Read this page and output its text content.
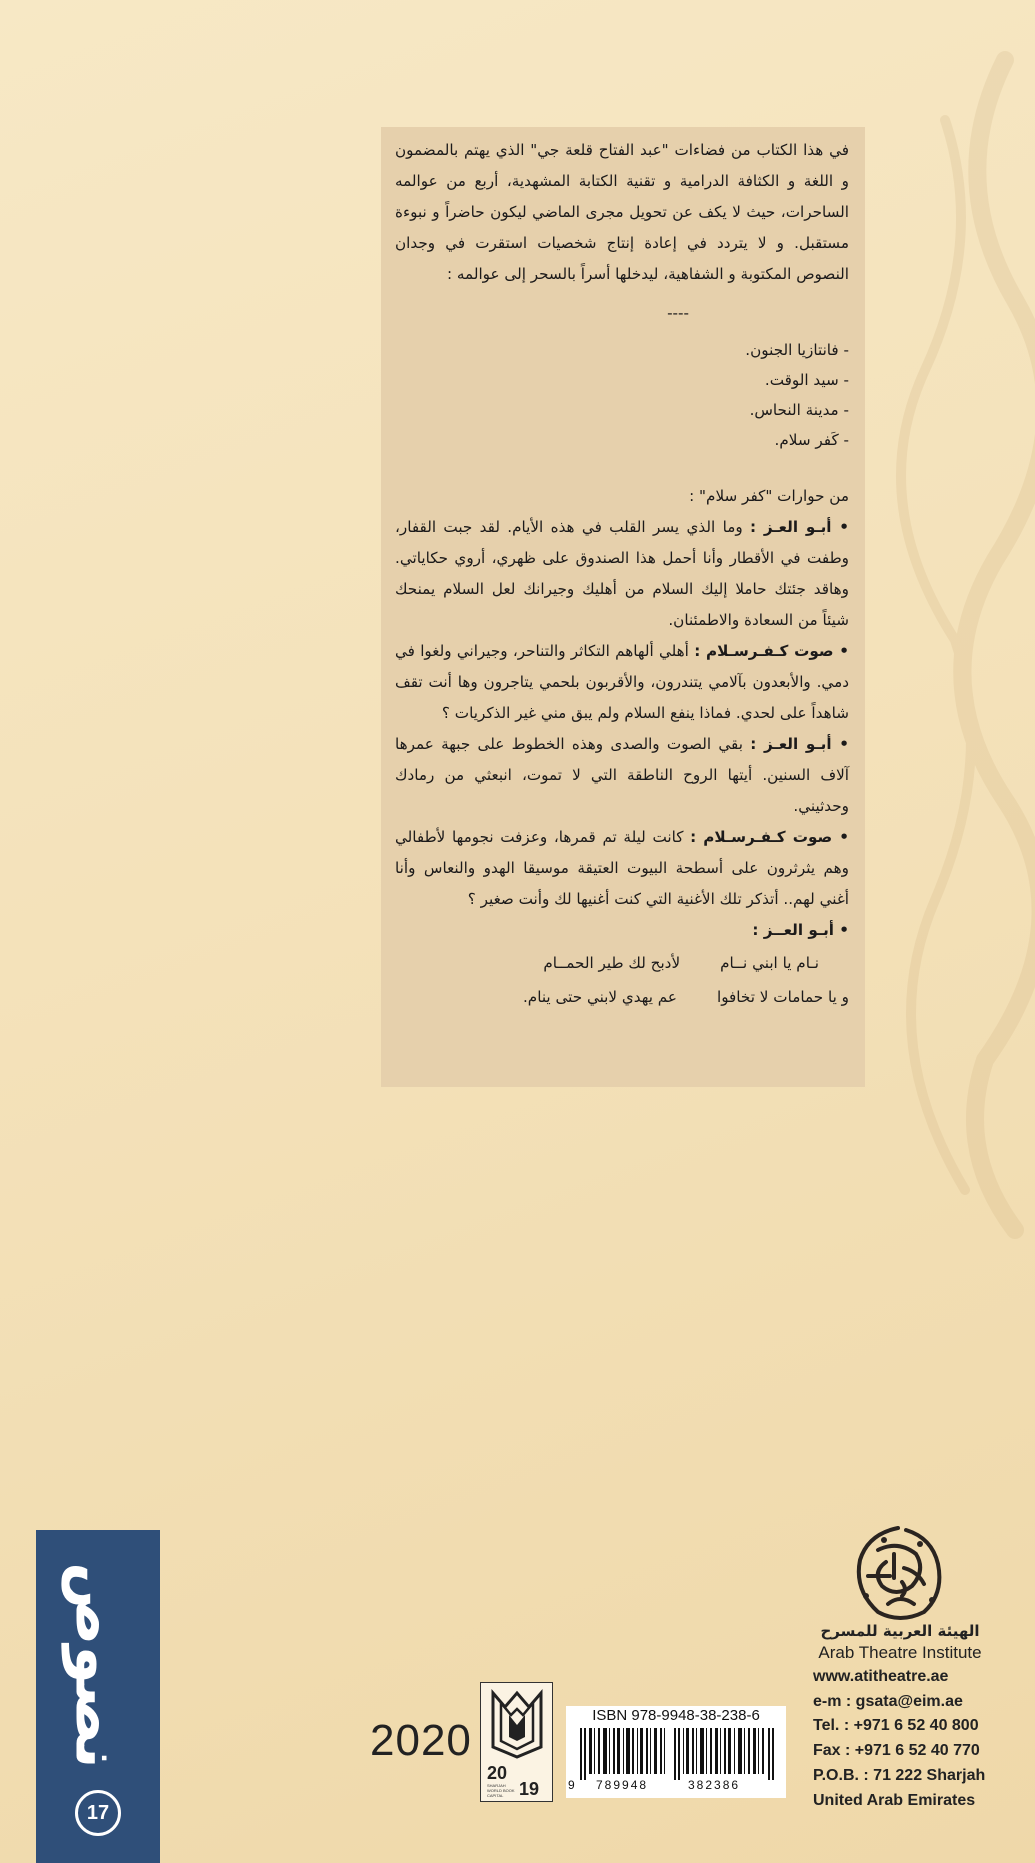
في هذا الكتاب من فضاءات "عبد الفتاح قلعة جي" الذي يهتم بالمضمون و اللغة و الكثافة الدرامية و تقنية الكتابة المشهدية، أربع من عوالمه الساحرات، حيث لا يكف عن تحويل مجرى الماضي ليكون حاضراً و نبوءة مستقبل. و لا يتردد في إعادة إنتاج شخصيات استقرت في وجدان النصوص المكتوبة و الشفاهية، ليدخلها أسراً بالسحر إلى عوالمه :

----

- فانتازيا الجنون.

- سيد الوقت.

- مدينة النحاس.

- كَفر سلام.

من حوارات "كفر سلام" :

• أبـو العـز : وما الذي يسر القلب في هذه الأيام. لقد جبت القفار، وطفت في الأقطار وأنا أحمل هذا الصندوق على ظهري، أروي حكاياتي. وهاقد جئتك حاملا إليك السلام من أهليك وجيرانك لعل السلام يمنحك شيئاً من السعادة والاطمئنان.

• صوت كـفـرسـلام : أهلي ألهاهم التكاثر والتناحر، وجيراني ولغوا في دمي. والأبعدون بآلامي يتندرون، والأقربون بلحمي يتاجرون وها أنت تقف شاهداً على لحدي. فماذا ينفع السلام ولم يبق مني غير الذكريات ؟

• أبـو العـز : بقي الصوت والصدى وهذه الخطوط على جبهة عمرها آلاف السنين. أيتها الروح الناطقة التي لا تموت، انبعثي من رمادك وحدثيني.

• صوت كـفـرسـلام : كانت ليلة تم قمرها، وعزفت نجومها لأطفالي وهم يثرثرون على أسطحة البيوت العتيقة موسيقا الهدو والنعاس وأنا أغني لهم.. أتذكر تلك الأغنية التي كنت أغنيها لك وأنت صغير ؟

• أبـو العــز :

نـام يا ابني نــام
لأدبح لك طير الحمــام
و يا حمامات لا تخافوا
عم يهدي لابني حتى ينام.
نصوص
17
2020
20
19
SHARJAH WORLD BOOK CAPITAL
ISBN 978-9948-38-238-6
9 789948	382386
الهيئة العربية للمسرح
Arab Theatre Institute
www.atitheatre.ae
e-m : gsata@eim.ae
Tel. : +971 6 52 40 800
Fax : +971 6 52 40 770
P.O.B. : 71 222 Sharjah
United Arab Emirates
